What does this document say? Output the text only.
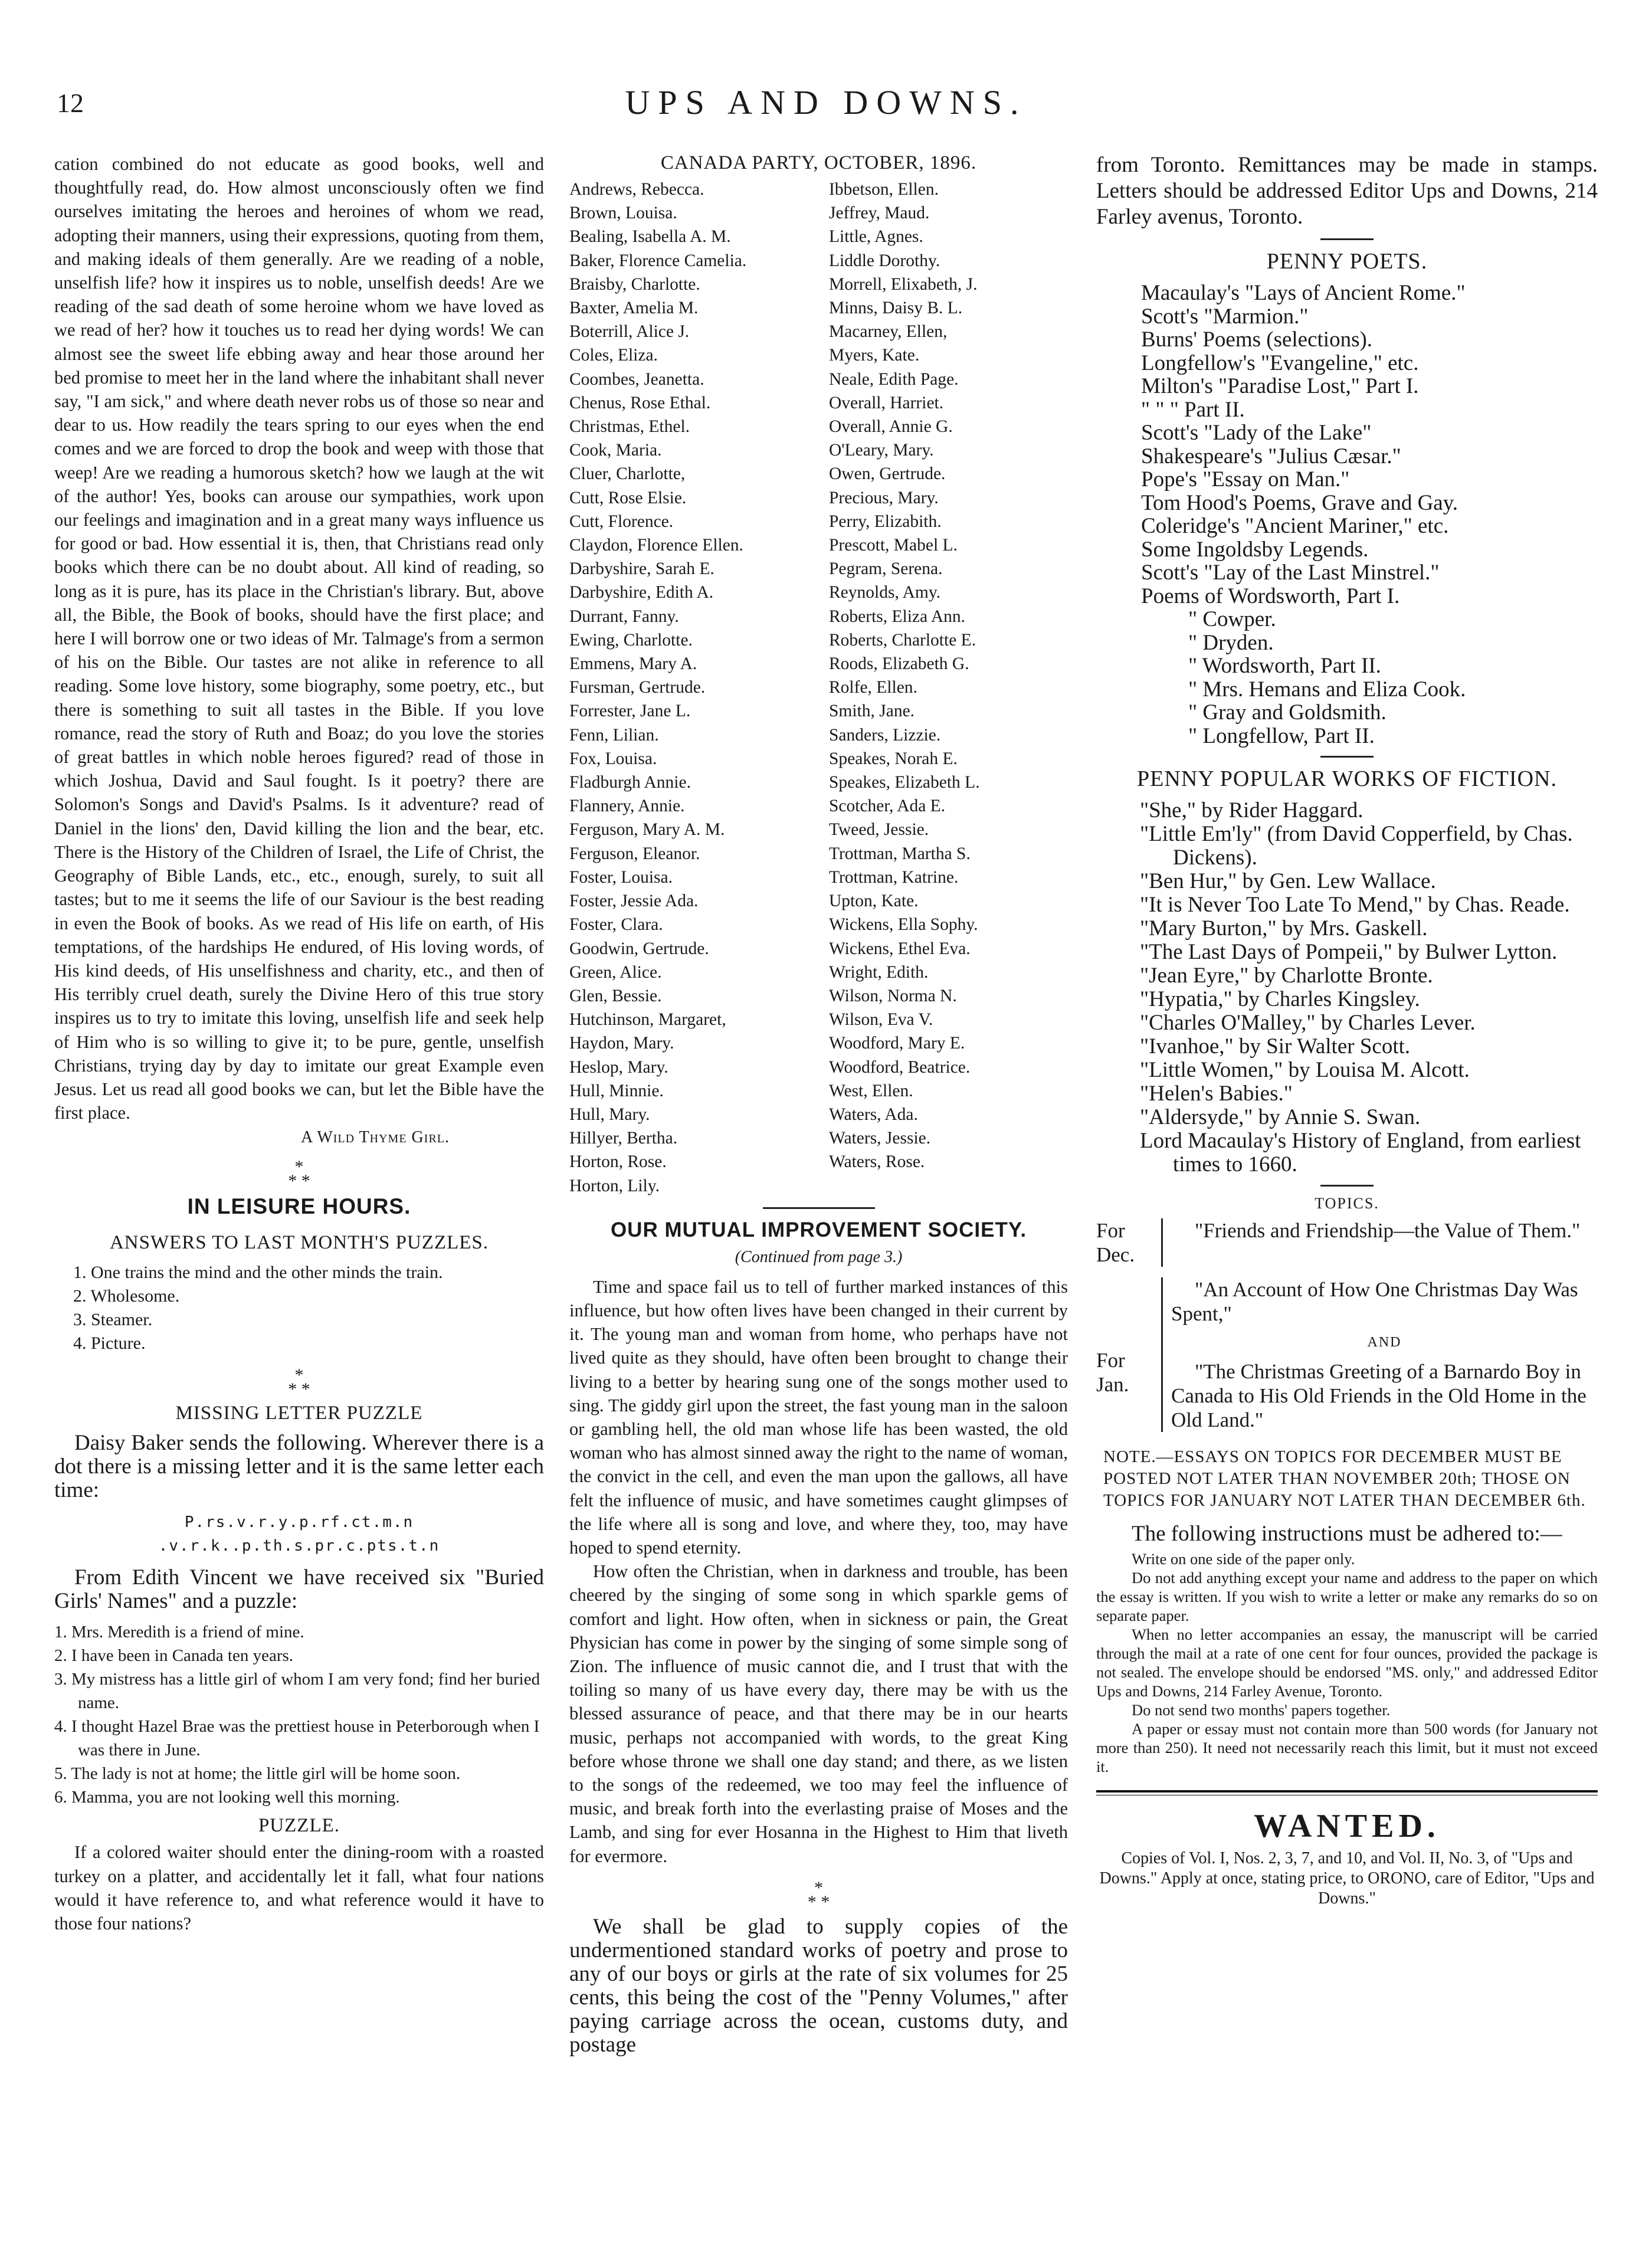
12	UPS AND DOWNS.

cation combined do not educate as good books, well and thoughtfully read, do. How almost unconsciously often we find ourselves imitating the heroes and heroines of whom we read, adopting their manners, using their expressions, quoting from them, and making ideals of them generally. Are we reading of a noble, unselfish life? how it inspires us to noble, unselfish deeds! Are we reading of the sad death of some heroine whom we have loved as we read of her? how it touches us to read her dying words! We can almost see the sweet life ebbing away and hear those around her bed promise to meet her in the land where the inhabitant shall never say, "I am sick," and where death never robs us of those so near and dear to us. How readily the tears spring to our eyes when the end comes and we are forced to drop the book and weep with those that weep! Are we reading a humorous sketch? how we laugh at the wit of the author! Yes, books can arouse our sympathies, work upon our feelings and imagination and in a great many ways influence us for good or bad. How essential it is, then, that Christians read only books which there can be no doubt about. All kind of reading, so long as it is pure, has its place in the Christian's library. But, above all, the Bible, the Book of books, should have the first place; and here I will borrow one or two ideas of Mr. Talmage's from a sermon of his on the Bible. Our tastes are not alike in reference to all reading. Some love history, some biography, some poetry, etc., but there is something to suit all tastes in the Bible. If you love romance, read the story of Ruth and Boaz; do you love the stories of great battles in which noble heroes figured? read of those in which Joshua, David and Saul fought. Is it poetry? there are Solomon's Songs and David's Psalms. Is it adventure? read of Daniel in the lions' den, David killing the lion and the bear, etc. There is the History of the Children of Israel, the Life of Christ, the Geography of Bible Lands, etc., etc., enough, surely, to suit all tastes; but to me it seems the life of our Saviour is the best reading in even the Book of books. As we read of His life on earth, of His temptations, of the hardships He endured, of His loving words, of His kind deeds, of His unselfishness and charity, etc., and then of His terribly cruel death, surely the Divine Hero of this true story inspires us to try to imitate this loving, unselfish life and seek help of Him who is so willing to give it; to be pure, gentle, unselfish Christians, trying day by day to imitate our great Example even Jesus. Let us read all good books we can, but let the Bible have the first place.

A Wild Thyme Girl.

*
* *
IN LEISURE HOURS.
ANSWERS TO LAST MONTH'S PUZZLES.
1. One trains the mind and the other minds the train.
2. Wholesome.
3. Steamer.
4. Picture.
*
* *
MISSING LETTER PUZZLE

Daisy Baker sends the following. Wherever there is a dot there is a missing letter and it is the same letter each time:

P.rs.v.r.y.p.rf.ct.m.n
.v.r.k..p.th.s.pr.c.pts.t.n

From Edith Vincent we have received six "Buried Girls' Names" and a puzzle:

1. Mrs. Meredith is a friend of mine.
2. I have been in Canada ten years.
3. My mistress has a little girl of whom I am very fond; find her buried name.
4. I thought Hazel Brae was the prettiest house in Peterborough when I was there in June.
5. The lady is not at home; the little girl will be home soon.
6. Mamma, you are not looking well this morning.
PUZZLE.

If a colored waiter should enter the dining-room with a roasted turkey on a platter, and accidentally let it fall, what four nations would it have reference to, and what reference would it have to those four nations?

CANADA PARTY, OCTOBER, 1896.
Andrews, Rebecca.
Brown, Louisa.
Bealing, Isabella A. M.
Baker, Florence Camelia.
Braisby, Charlotte.
Baxter, Amelia M.
Boterrill, Alice J.
Coles, Eliza.
Coombes, Jeanetta.
Chenus, Rose Ethal.
Christmas, Ethel.
Cook, Maria.
Cluer, Charlotte,
Cutt, Rose Elsie.
Cutt, Florence.
Claydon, Florence Ellen.
Darbyshire, Sarah E.
Darbyshire, Edith A.
Durrant, Fanny.
Ewing, Charlotte.
Emmens, Mary A.
Fursman, Gertrude.
Forrester, Jane L.
Fenn, Lilian.
Fox, Louisa.
Fladburgh Annie.
Flannery, Annie.
Ferguson, Mary A. M.
Ferguson, Eleanor.
Foster, Louisa.
Foster, Jessie Ada.
Foster, Clara.
Goodwin, Gertrude.
Green, Alice.
Glen, Bessie.
Hutchinson, Margaret,
Haydon, Mary.
Heslop, Mary.
Hull, Minnie.
Hull, Mary.
Hillyer, Bertha.
Horton, Rose.
Horton, Lily.
Ibbetson, Ellen.
Jeffrey, Maud.
Little, Agnes.
Liddle Dorothy.
Morrell, Elixabeth, J.
Minns, Daisy B. L.
Macarney, Ellen,
Myers, Kate.
Neale, Edith Page.
Overall, Harriet.
Overall, Annie G.
O'Leary, Mary.
Owen, Gertrude.
Precious, Mary.
Perry, Elizabith.
Prescott, Mabel L.
Pegram, Serena.
Reynolds, Amy.
Roberts, Eliza Ann.
Roberts, Charlotte E.
Roods, Elizabeth G.
Rolfe, Ellen.
Smith, Jane.
Sanders, Lizzie.
Speakes, Norah E.
Speakes, Elizabeth L.
Scotcher, Ada E.
Tweed, Jessie.
Trottman, Martha S.
Trottman, Katrine.
Upton, Kate.
Wickens, Ella Sophy.
Wickens, Ethel Eva.
Wright, Edith.
Wilson, Norma N.
Wilson, Eva V.
Woodford, Mary E.
Woodford, Beatrice.
West, Ellen.
Waters, Ada.
Waters, Jessie.
Waters, Rose.
OUR MUTUAL IMPROVEMENT SOCIETY.
(Continued from page 3.)

Time and space fail us to tell of further marked instances of this influence, but how often lives have been changed in their current by it. The young man and woman from home, who perhaps have not lived quite as they should, have often been brought to change their living to a better by hearing sung one of the songs mother used to sing. The giddy girl upon the street, the fast young man in the saloon or gambling hell, the old man whose life has been wasted, the old woman who has almost sinned away the right to the name of woman, the convict in the cell, and even the man upon the gallows, all have felt the influence of music, and have sometimes caught glimpses of the life where all is song and love, and where they, too, may have hoped to spend eternity.

How often the Christian, when in darkness and trouble, has been cheered by the singing of some song in which sparkle gems of comfort and light. How often, when in sickness or pain, the Great Physician has come in power by the singing of some simple song of Zion. The influence of music cannot die, and I trust that with the toiling so many of us have every day, there may be with us the blessed assurance of peace, and that there may be in our hearts music, perhaps not accompanied with words, to the great King before whose throne we shall one day stand; and there, as we listen to the songs of the redeemed, we too may feel the influence of music, and break forth into the everlasting praise of Moses and the Lamb, and sing for ever Hosanna in the Highest to Him that liveth for evermore.

*
* *

We shall be glad to supply copies of the undermentioned standard works of poetry and prose to any of our boys or girls at the rate of six volumes for 25 cents, this being the cost of the "Penny Volumes," after paying carriage across the ocean, customs duty, and postage

from Toronto. Remittances may be made in stamps. Letters should be addressed Editor Ups and Downs, 214 Farley avenus, Toronto.

PENNY POETS.
Macaulay's "Lays of Ancient Rome."
Scott's "Marmion."
Burns' Poems (selections).
Longfellow's "Evangeline," etc.
Milton's "Paradise Lost," Part I.
" " " Part II.
Scott's "Lady of the Lake"
Shakespeare's "Julius Cæsar."
Pope's "Essay on Man."
Tom Hood's Poems, Grave and Gay.
Coleridge's "Ancient Mariner," etc.
Some Ingoldsby Legends.
Scott's "Lay of the Last Minstrel."
Poems of Wordsworth, Part I.
" Cowper.
" Dryden.
" Wordsworth, Part II.
" Mrs. Hemans and Eliza Cook.
" Gray and Goldsmith.
" Longfellow, Part II.
PENNY POPULAR WORKS OF FICTION.
"She," by Rider Haggard.
"Little Em'ly" (from David Copperfield, by Chas. Dickens).
"Ben Hur," by Gen. Lew Wallace.
"It is Never Too Late To Mend," by Chas. Reade.
"Mary Burton," by Mrs. Gaskell.
"The Last Days of Pompeii," by Bulwer Lytton.
"Jean Eyre," by Charlotte Bronte.
"Hypatia," by Charles Kingsley.
"Charles O'Malley," by Charles Lever.
"Ivanhoe," by Sir Walter Scott.
"Little Women," by Louisa M. Alcott.
"Helen's Babies."
"Aldersyde," by Annie S. Swan.
Lord Macaulay's History of England, from earliest times to 1660.
TOPICS.
For Dec.
"Friends and Friendship—the Value of Them."
For Jan.
"An Account of How One Christmas Day Was Spent,"
AND
"The Christmas Greeting of a Barnardo Boy in Canada to His Old Friends in the Old Home in the Old Land."

NOTE.—ESSAYS ON TOPICS FOR DECEMBER MUST BE POSTED NOT LATER THAN NOVEMBER 20th; THOSE ON TOPICS FOR JANUARY NOT LATER THAN DECEMBER 6th.

The following instructions must be adhered to:—

Write on one side of the paper only.

Do not add anything except your name and address to the paper on which the essay is written. If you wish to write a letter or make any remarks do so on separate paper.

When no letter accompanies an essay, the manuscript will be carried through the mail at a rate of one cent for four ounces, provided the package is not sealed. The envelope should be endorsed "MS. only," and addressed Editor Ups and Downs, 214 Farley Avenue, Toronto.

Do not send two months' papers together.

A paper or essay must not contain more than 500 words (for January not more than 250). It need not necessarily reach this limit, but it must not exceed it.

WANTED.

Copies of Vol. I, Nos. 2, 3, 7, and 10, and Vol. II, No. 3, of "Ups and Downs." Apply at once, stating price, to ORONO, care of Editor, "Ups and Downs."
